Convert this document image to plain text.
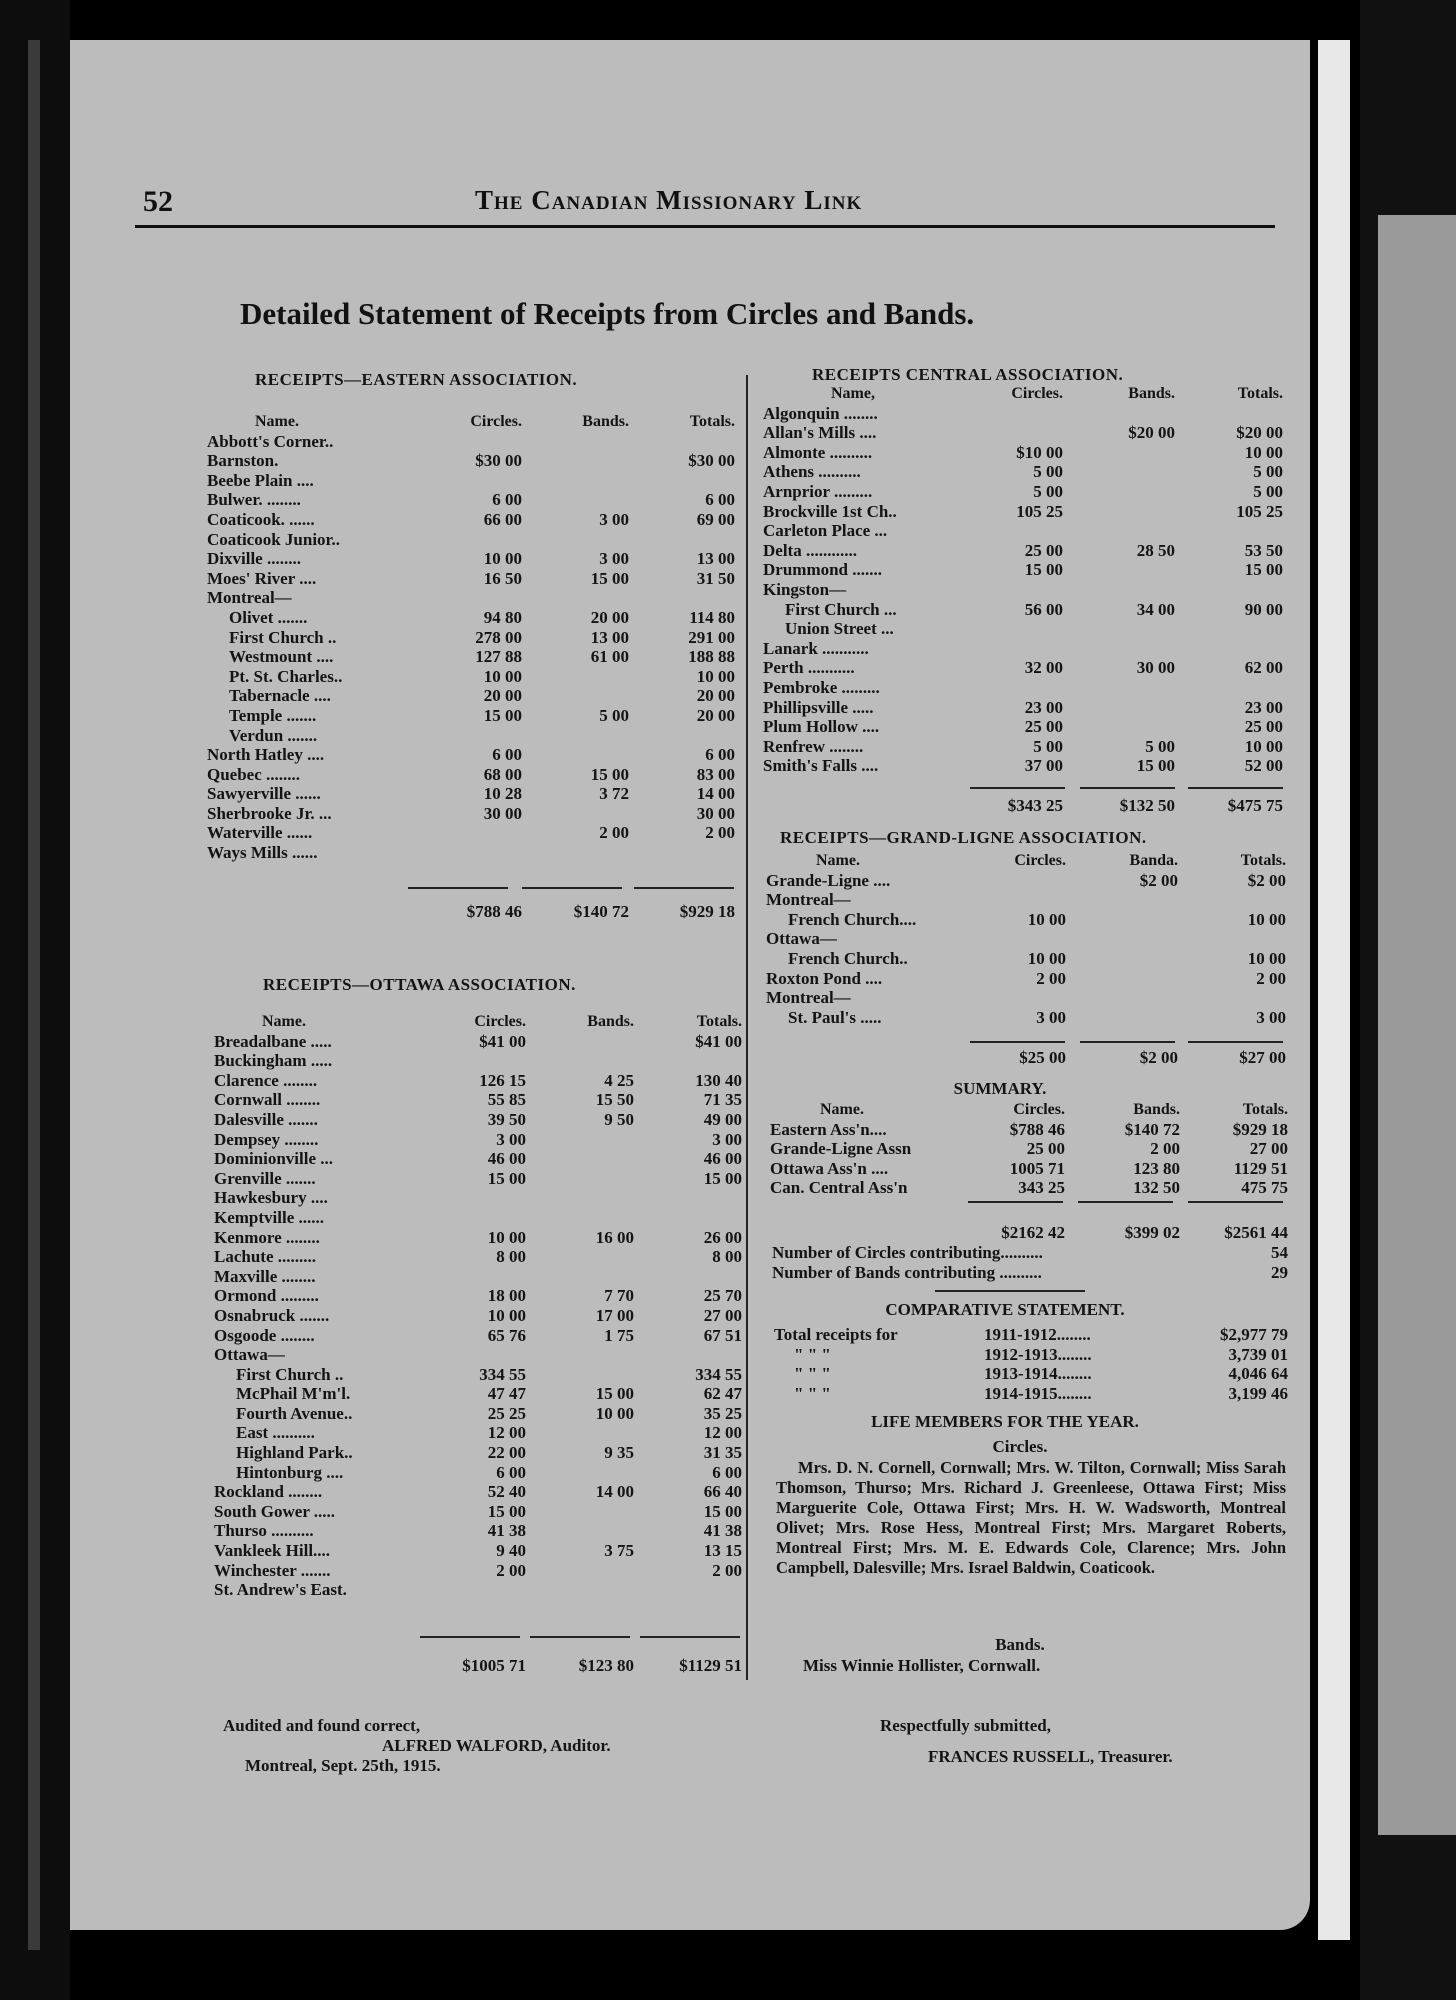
52	The Canadian Missionary Link
Detailed Statement of Receipts from Circles and Bands.
RECEIPTS—EASTERN ASSOCIATION.
Name.	Circles.	Bands.	Totals.
Abbott's Corner..			
Barnston.	$30 00		$30 00
Beebe Plain ....			
Bulwer. ........	6 00		6 00
Coaticook. ......	66 00	3 00	69 00
Coaticook Junior..			
Dixville ........	10 00	3 00	13 00
Moes' River ....	16 50	15 00	31 50
Montreal—			
Olivet .......	94 80	20 00	114 80
First Church ..	278 00	13 00	291 00
Westmount ....	127 88	61 00	188 88
Pt. St. Charles..	10 00		10 00
Tabernacle ....	20 00		20 00
Temple .......	15 00	5 00	20 00
Verdun .......			
North Hatley ....	6 00		6 00
Quebec ........	68 00	15 00	83 00
Sawyerville ......	10 28	3 72	14 00
Sherbrooke Jr. ...	30 00		30 00
Waterville ......		2 00	2 00
Ways Mills ......			
	$788 46	$140 72	$929 18
RECEIPTS—OTTAWA ASSOCIATION.
Name.	Circles.	Bands.	Totals.
Breadalbane .....	$41 00		$41 00
Buckingham .....			
Clarence ........	126 15	4 25	130 40
Cornwall ........	55 85	15 50	71 35
Dalesville .......	39 50	9 50	49 00
Dempsey ........	3 00		3 00
Dominionville ...	46 00		46 00
Grenville .......	15 00		15 00
Hawkesbury ....			
Kemptville ......			
Kenmore ........	10 00	16 00	26 00
Lachute .........	8 00		8 00
Maxville ........			
Ormond .........	18 00	7 70	25 70
Osnabruck .......	10 00	17 00	27 00
Osgoode ........	65 76	1 75	67 51
Ottawa—			
First Church ..	334 55		334 55
McPhail M'm'l.	47 47	15 00	62 47
Fourth Avenue..	25 25	10 00	35 25
East ..........	12 00		12 00
Highland Park..	22 00	9 35	31 35
Hintonburg ....	6 00		6 00
Rockland ........	52 40	14 00	66 40
South Gower .....	15 00		15 00
Thurso ..........	41 38		41 38
Vankleek Hill....	9 40	3 75	13 15
Winchester .......	2 00		2 00
St. Andrew's East.			
	$1005 71	$123 80	$1129 51
RECEIPTS CENTRAL ASSOCIATION.
Name,	Circles.	Bands.	Totals.
Algonquin ........			
Allan's Mills ....		$20 00	$20 00
Almonte ..........	$10 00		10 00
Athens ..........	5 00		5 00
Arnprior .........	5 00		5 00
Brockville 1st Ch..	105 25		105 25
Carleton Place ...			
Delta ............	25 00	28 50	53 50
Drummond .......	15 00		15 00
Kingston—			
First Church ...	56 00	34 00	90 00
Union Street ...			
Lanark ...........			
Perth ...........	32 00	30 00	62 00
Pembroke .........			
Phillipsville .....	23 00		23 00
Plum Hollow ....	25 00		25 00
Renfrew ........	5 00	5 00	10 00
Smith's Falls ....	37 00	15 00	52 00
	$343 25	$132 50	$475 75
RECEIPTS—GRAND-LIGNE ASSOCIATION.
Name.	Circles.	Banda.	Totals.
Grande-Ligne ....		$2 00	$2 00
Montreal—			
French Church....	10 00		10 00
Ottawa—			
French Church..	10 00		10 00
Roxton Pond ....	2 00		2 00
Montreal—			
St. Paul's .....	3 00		3 00
	$25 00	$2 00	$27 00
SUMMARY.
Name.	Circles.	Bands.	Totals.
Eastern Ass'n....	$788 46	$140 72	$929 18
Grande-Ligne Assn	25 00	2 00	27 00
Ottawa Ass'n ....	1005 71	123 80	1129 51
Can. Central Ass'n	343 25	132 50	475 75
	$2162 42	$399 02	$2561 44
Number of Circles contributing..........	54
Number of Bands contributing ..........	29
COMPARATIVE STATEMENT.
Total receipts for	1911-1912........	$2,977 79
" " "	1912-1913........	3,739 01
" " "	1913-1914........	4,046 64
" " "	1914-1915........	3,199 46
LIFE MEMBERS FOR THE YEAR.
Circles.
Mrs. D. N. Cornell, Cornwall; Mrs. W. Tilton, Cornwall; Miss Sarah Thomson, Thurso; Mrs. Richard J. Greenleese, Ottawa First; Miss Marguerite Cole, Ottawa First; Mrs. H. W. Wadsworth, Montreal Olivet; Mrs. Rose Hess, Montreal First; Mrs. Margaret Roberts, Montreal First; Mrs. M. E. Edwards Cole, Clarence; Mrs. John Campbell, Dalesville; Mrs. Israel Baldwin, Coaticook.
Bands.
Miss Winnie Hollister, Cornwall.
Audited and found correct,
ALFRED WALFORD, Auditor.
Montreal, Sept. 25th, 1915.
Respectfully submitted,
FRANCES RUSSELL, Treasurer.
